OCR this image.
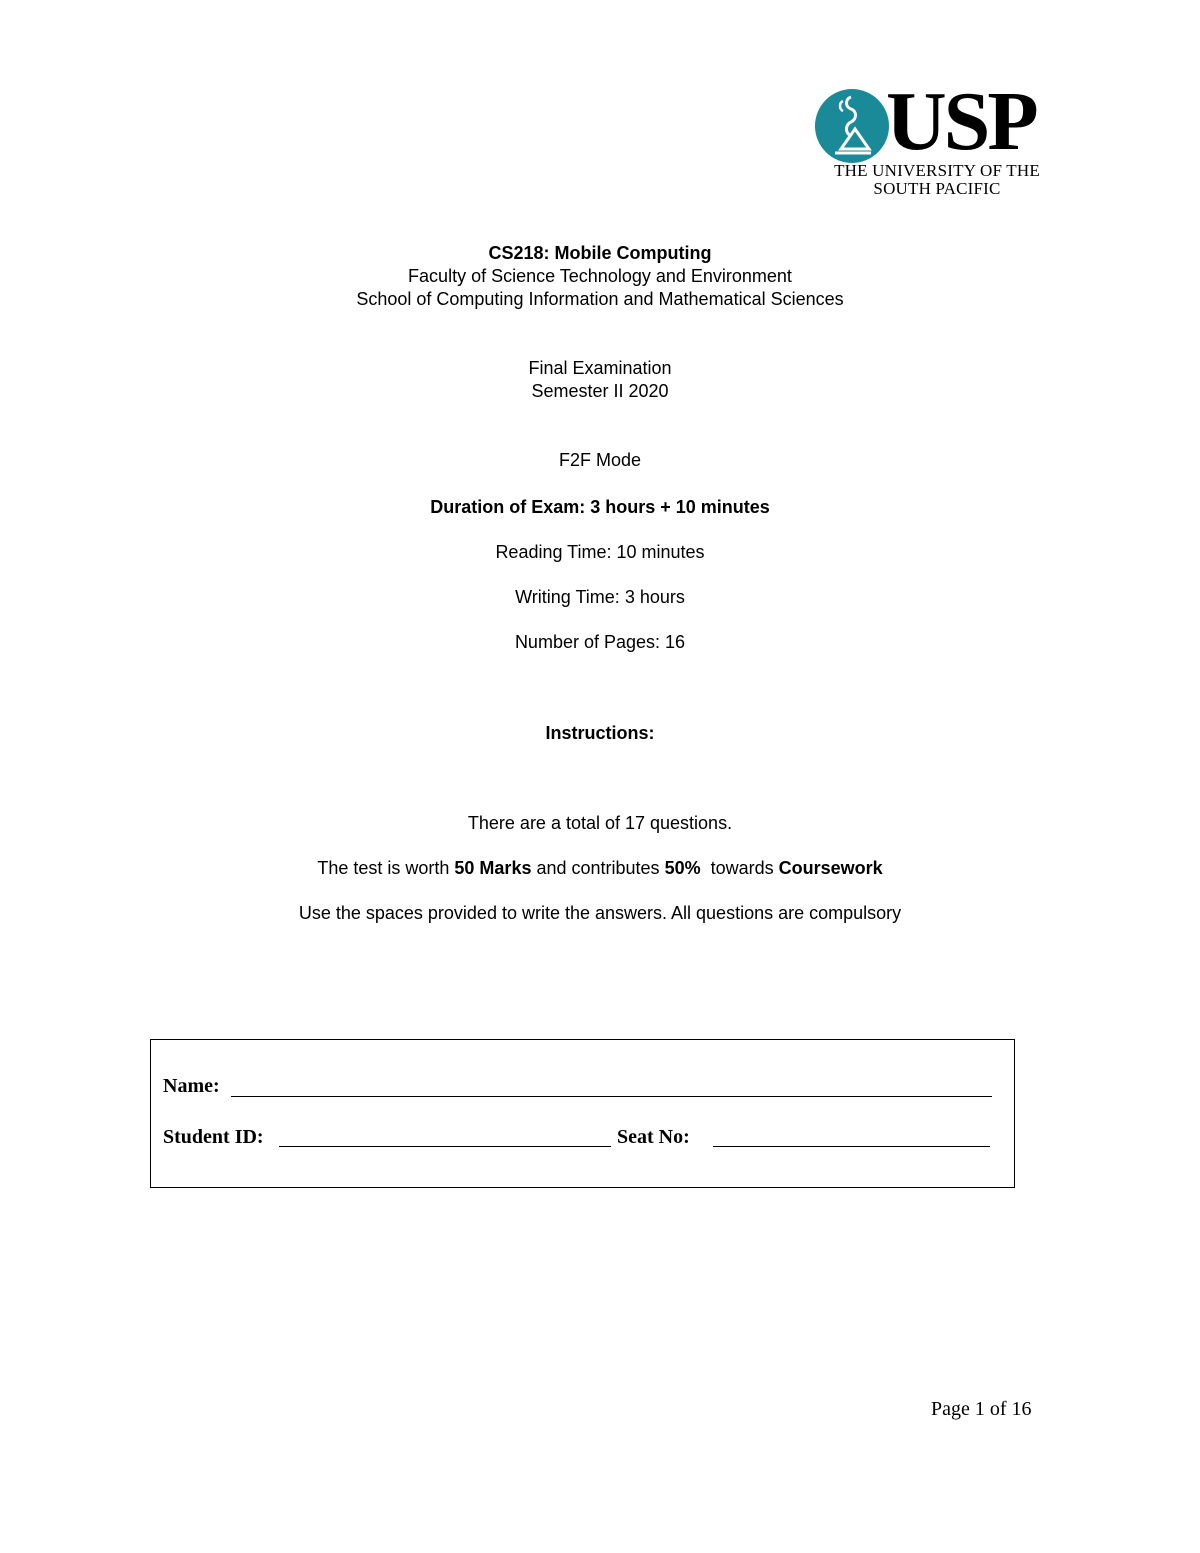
USP
THE UNIVERSITY OF THE
SOUTH PACIFIC
CS218: Mobile Computing
Faculty of Science Technology and Environment
School of Computing Information and Mathematical Sciences
Final Examination
Semester II 2020
F2F Mode
Duration of Exam: 3 hours + 10 minutes
Reading Time: 10 minutes
Writing Time: 3 hours
Number of Pages: 16
Instructions:
There are a total of 17 questions.
The test is worth 50 Marks and contributes 50%  towards Coursework
Use the spaces provided to write the answers. All questions are compulsory
Name:
Student ID:	Seat No:
Page 1 of 16
